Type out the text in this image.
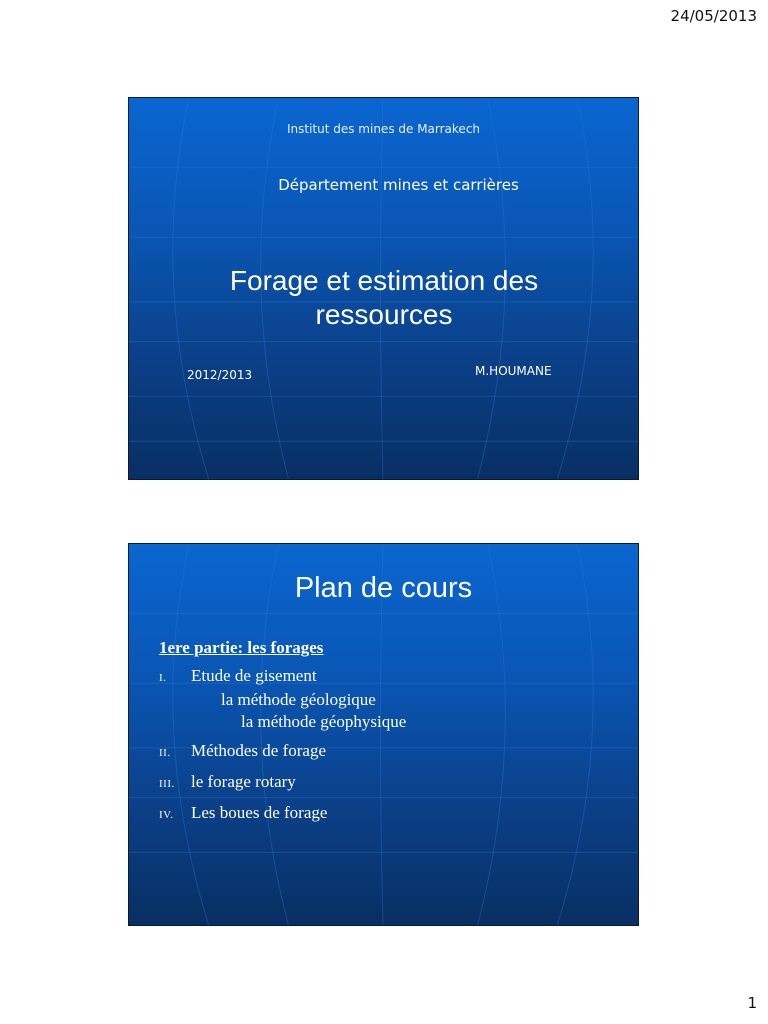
24/05/2013
Institut des mines de Marrakech
Département mines et carrières
Forage et estimation des
ressources
2012/2013	M.HOUMANE
Plan de cours
1ere partie: les forages
I.	Etude de gisement
la méthode géologique
la méthode géophysique
II.	Méthodes de forage
III. le forage rotary
IV.	Les boues de forage
1
